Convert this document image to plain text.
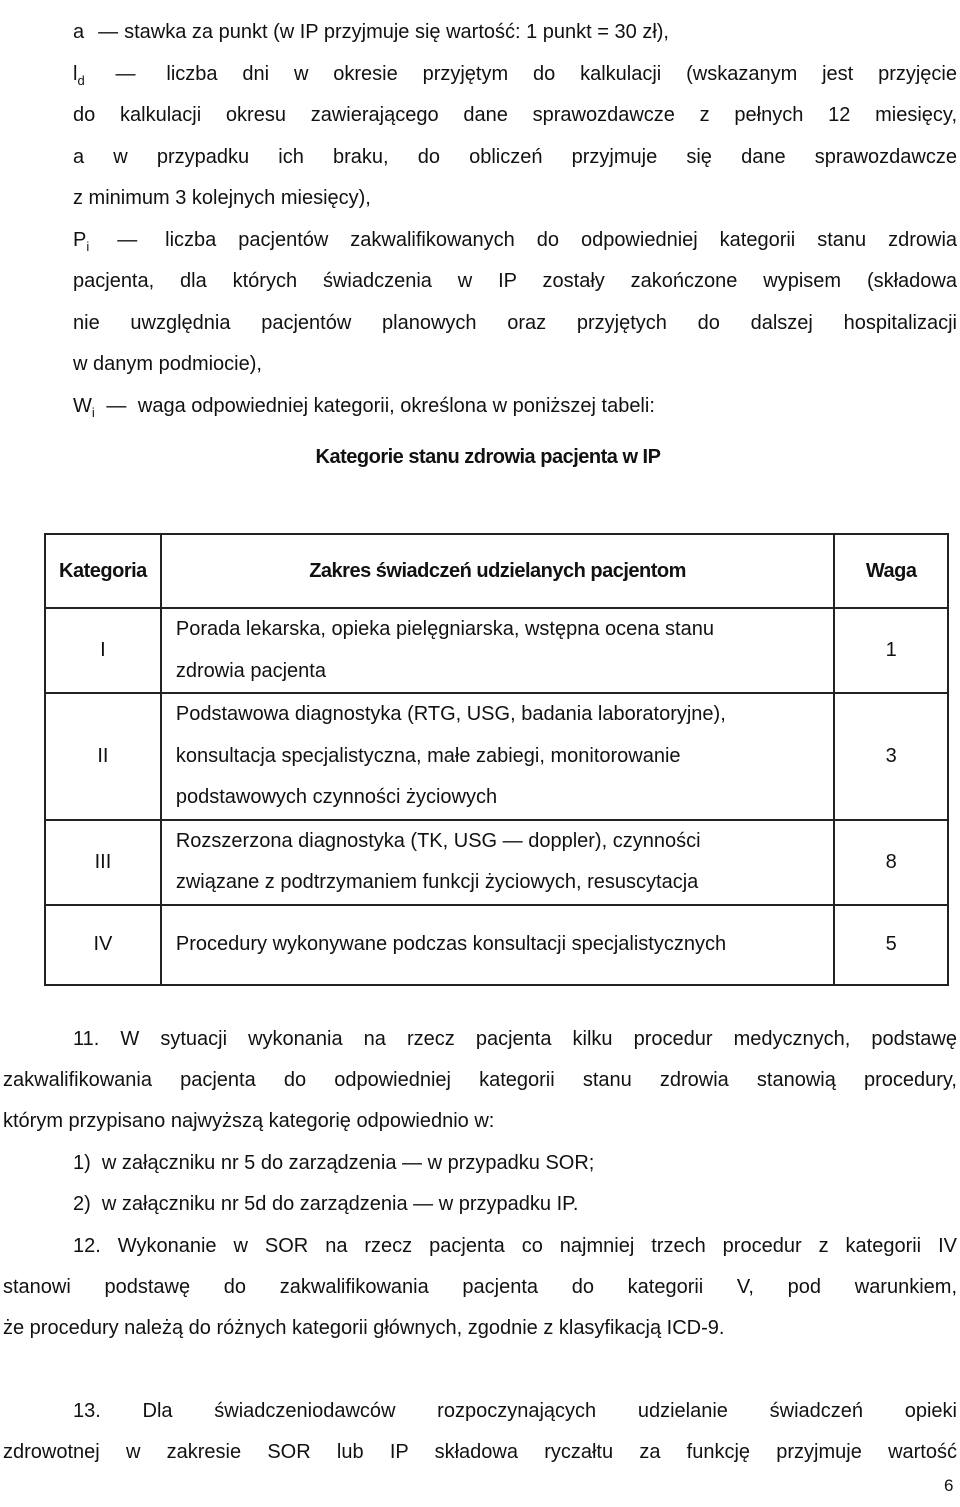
a — stawka za punkt (w IP przyjmuje się wartość: 1 punkt = 30 zł),
$l_d$ — liczba dni w okresie przyjętym do kalkulacji (wskazanym jest przyjęcie
do kalkulacji okresu zawierającego dane sprawozdawcze z pełnych 12 miesięcy,
a w przypadku ich braku, do obliczeń przyjmuje się dane sprawozdawcze
z minimum 3 kolejnych miesięcy),
$P_i$ — liczba pacjentów zakwalifikowanych do odpowiedniej kategorii stanu zdrowia
pacjenta, dla których świadczenia w IP zostały zakończone wypisem (składowa
nie uwzględnia pacjentów planowych oraz przyjętych do dalszej hospitalizacji
w danym podmiocie),
$W_i$ — waga odpowiedniej kategorii, określona w poniższej tabeli:
Kategorie stanu zdrowia pacjenta w IP
Kategoria	Zakres świadczeń udzielanych pacjentom	Waga
I	Porada lekarska, opieka pielęgniarska, wstępna ocena stanu
zdrowia pacjenta	1
II	Podstawowa diagnostyka (RTG, USG, badania laboratoryjne),
konsultacja specjalistyczna, małe zabiegi, monitorowanie
podstawowych czynności życiowych	3
III	Rozszerzona diagnostyka (TK, USG — doppler), czynności
związane z podtrzymaniem funkcji życiowych, resuscytacja	8
IV	Procedury wykonywane podczas konsultacji specjalistycznych	5
11. W sytuacji wykonania na rzecz pacjenta kilku procedur medycznych, podstawę
zakwalifikowania pacjenta do odpowiedniej kategorii stanu zdrowia stanowią procedury,
którym przypisano najwyższą kategorię odpowiednio w:
1)  w załączniku nr 5 do zarządzenia — w przypadku SOR;
2)  w załączniku nr 5d do zarządzenia — w przypadku IP.
12. Wykonanie w SOR na rzecz pacjenta co najmniej trzech procedur z kategorii IV
stanowi podstawę do zakwalifikowania pacjenta do kategorii V, pod warunkiem,
że procedury należą do różnych kategorii głównych, zgodnie z klasyfikacją ICD-9.
13. Dla świadczeniodawców rozpoczynających udzielanie świadczeń opieki
zdrowotnej w zakresie SOR lub IP składowa ryczałtu za funkcję przyjmuje wartość
6
